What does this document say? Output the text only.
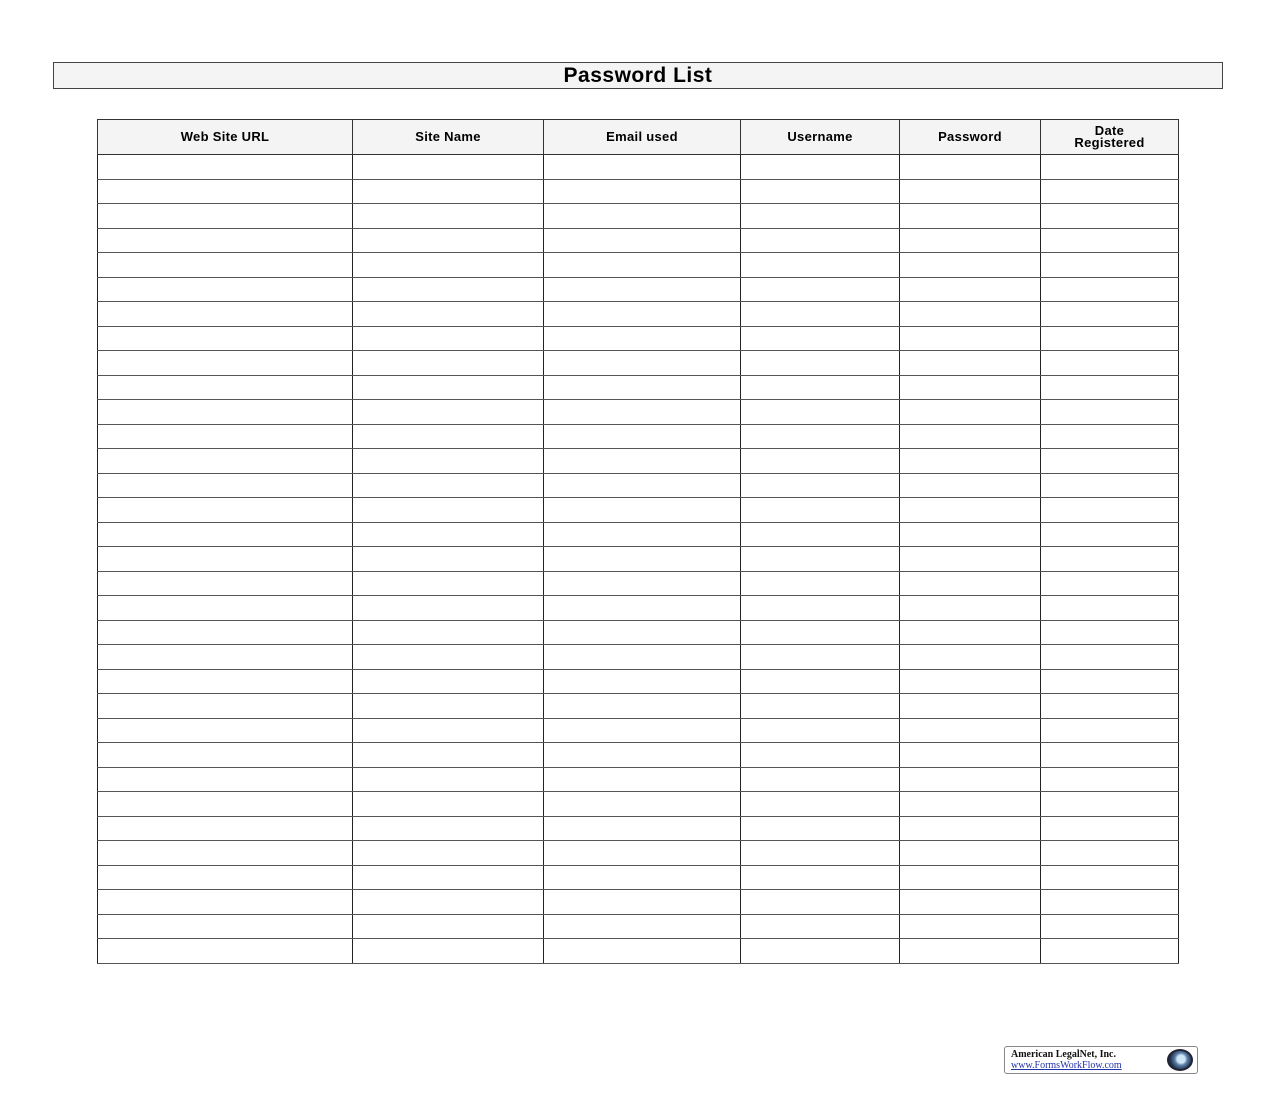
Password List
Web Site URL	Site Name	Email used	Username	Password	Date
Registered

American LegalNet, Inc.
www.FormsWorkFlow.com
